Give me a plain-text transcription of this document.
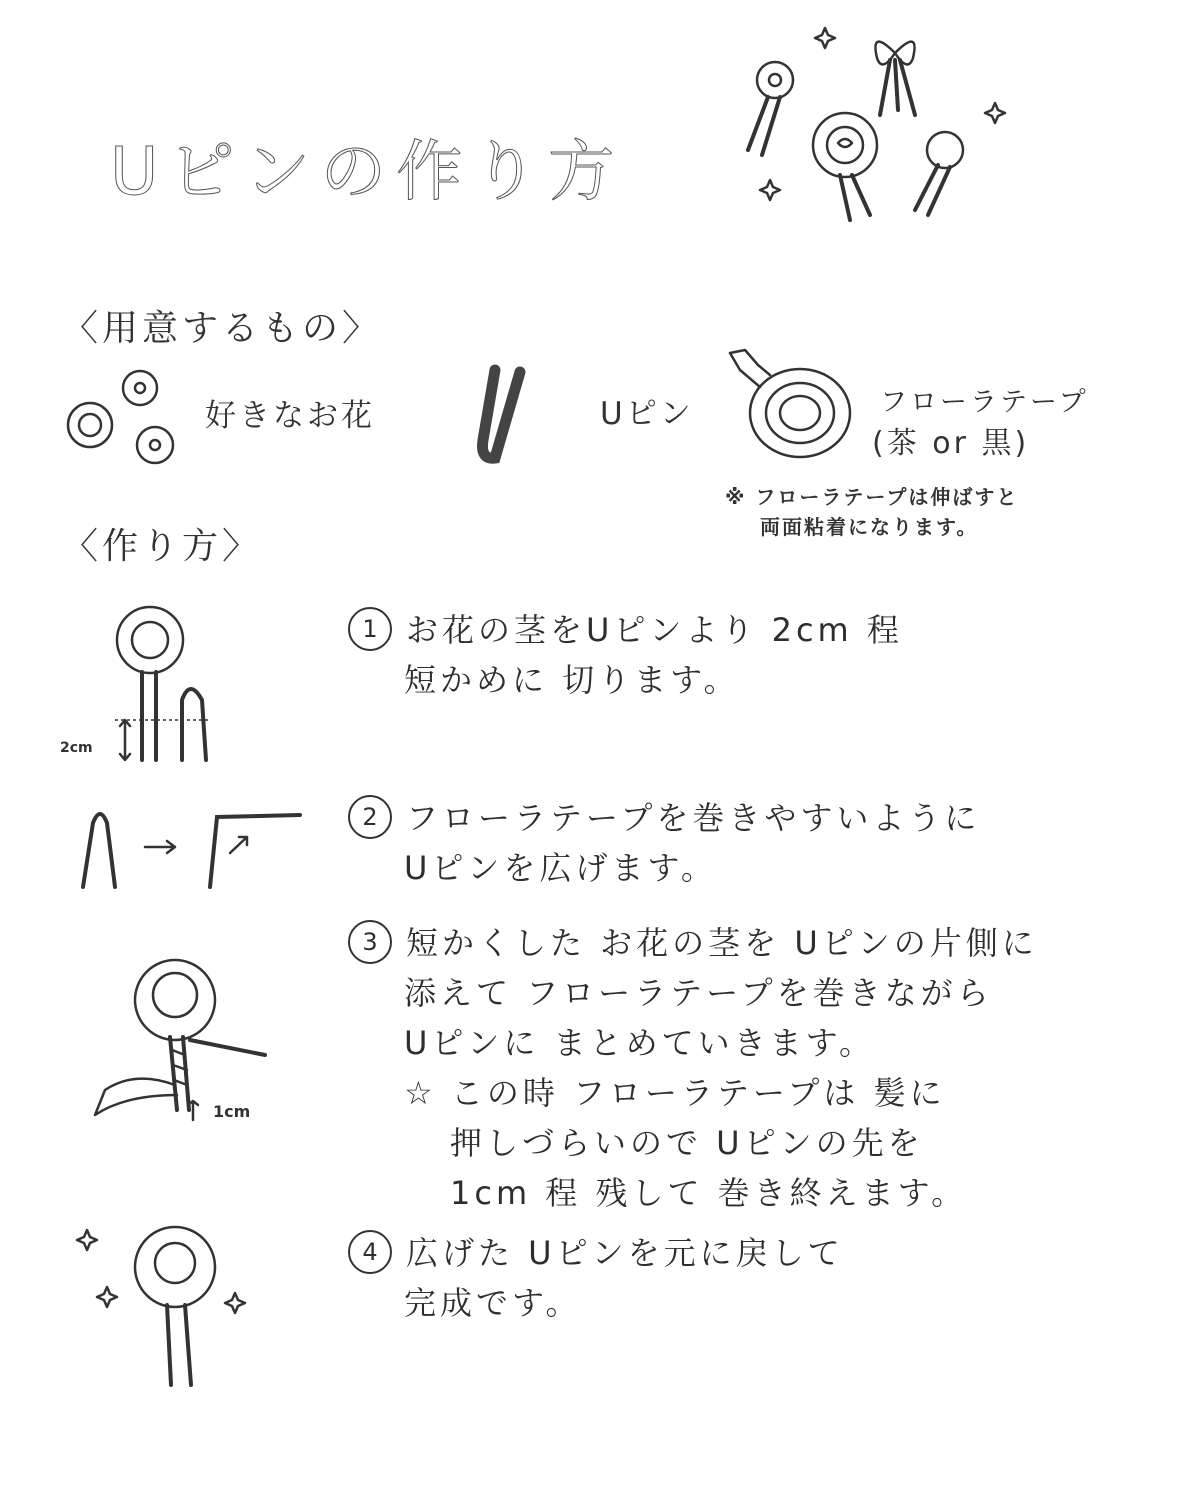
Uピンの作り方
〈用意するもの〉
好きなお花	Uピン	フローラテープ
(茶 or 黒)
※ フローラテープは伸ばすと
両面粘着になります。
〈作り方〉
2cm
1cm
1 お花の茎をUピンより 2cm 程
短かめに 切ります。
2 フローラテープを巻きやすいように
Uピンを広げます。
3 短かくした お花の茎を Uピンの片側に
添えて フローラテープを巻きながら
Uピンに まとめていきます。
☆ この時 フローラテープは 髪に
押しづらいので Uピンの先を
1cm 程 残して 巻き終えます。
4 広げた Uピンを元に戻して
完成です。
